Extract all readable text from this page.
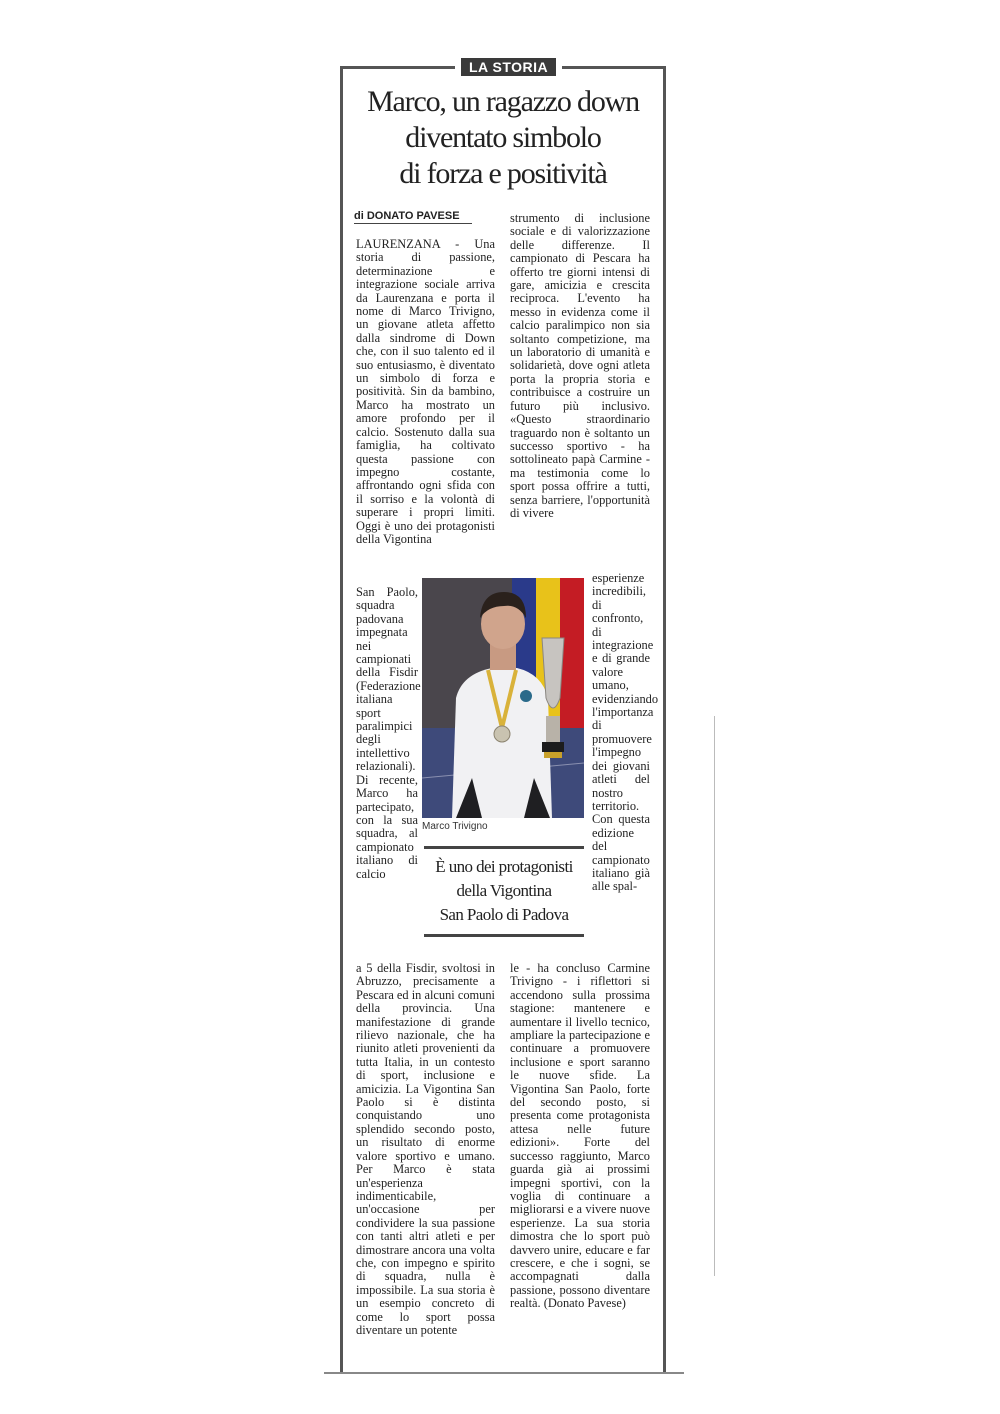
LA STORIA
Marco, un ragazzo down
diventato simbolo
di forza e positività
di DONATO PAVESE

LAURENZANA - Una storia di passione, determinazione e integrazione sociale arriva da Laurenzana e porta il nome di Marco Trivigno, un giovane atleta affetto dalla sindrome di Down che, con il suo talento ed il suo entusiasmo, è diventato un simbolo di forza e positività. Sin da bambino, Marco ha mostrato un amore profondo per il calcio. Sostenuto dalla sua famiglia, ha coltivato questa passione con impegno costante, affrontando ogni sfida con il sorriso e la volontà di superare i propri limiti. Oggi è uno dei protagonisti della Vigontina

San Paolo, squadra padovana impegnata nei campionati della Fisdir (Federazione italiana sport paralimpici degli intellettivo relazionali). Di recente, Marco ha partecipato, con la sua squadra, al campionato italiano di calcio

a 5 della Fisdir, svoltosi in Abruzzo, precisamente a Pescara ed in alcuni comuni della provincia. Una manifestazione di grande rilievo nazionale, che ha riunito atleti provenienti da tutta Italia, in un contesto di sport, inclusione e amicizia. La Vigontina San Paolo si è distinta conquistando uno splendido secondo posto, un risultato di enorme valore sportivo e umano. Per Marco è stata un'esperienza indimenticabile, un'occasione per condividere la sua passione con tanti altri atleti e per dimostrare ancora una volta che, con impegno e spirito di squadra, nulla è impossibile. La sua storia è un esempio concreto di come lo sport possa diventare un potente

strumento di inclusione sociale e di valorizzazione delle differenze. Il campionato di Pescara ha offerto tre giorni intensi di gare, amicizia e crescita reciproca. L'evento ha messo in evidenza come il calcio paralimpico non sia soltanto competizione, ma un laboratorio di umanità e solidarietà, dove ogni atleta porta la propria storia e contribuisce a costruire un futuro più inclusivo. «Questo straordinario traguardo non è soltanto un successo sportivo - ha sottolineato papà Carmine - ma testimonia come lo sport possa offrire a tutti, senza barriere, l'opportunità di vivere

esperienze incredibili, di confronto, di integrazione e di grande valore umano, evidenziando l'importanza di promuovere l'impegno dei giovani atleti del nostro territorio. Con questa edizione del campionato italiano già alle spal-

le - ha concluso Carmine Trivigno - i riflettori si accendono sulla prossima stagione: mantenere e aumentare il livello tecnico, ampliare la partecipazione e continuare a promuovere inclusione e sport saranno le nuove sfide. La Vigontina San Paolo, forte del secondo posto, si presenta come protagonista attesa nelle future edizioni». Forte del successo raggiunto, Marco guarda già ai prossimi impegni sportivi, con la voglia di continuare a migliorarsi e a vivere nuove esperienze. La sua storia dimostra che lo sport può davvero unire, educare e far crescere, e che i sogni, se accompagnati dalla passione, possono diventare realtà. (Donato Pavese)

Marco Trivigno
È uno dei protagonisti
della Vigontina
San Paolo di Padova
